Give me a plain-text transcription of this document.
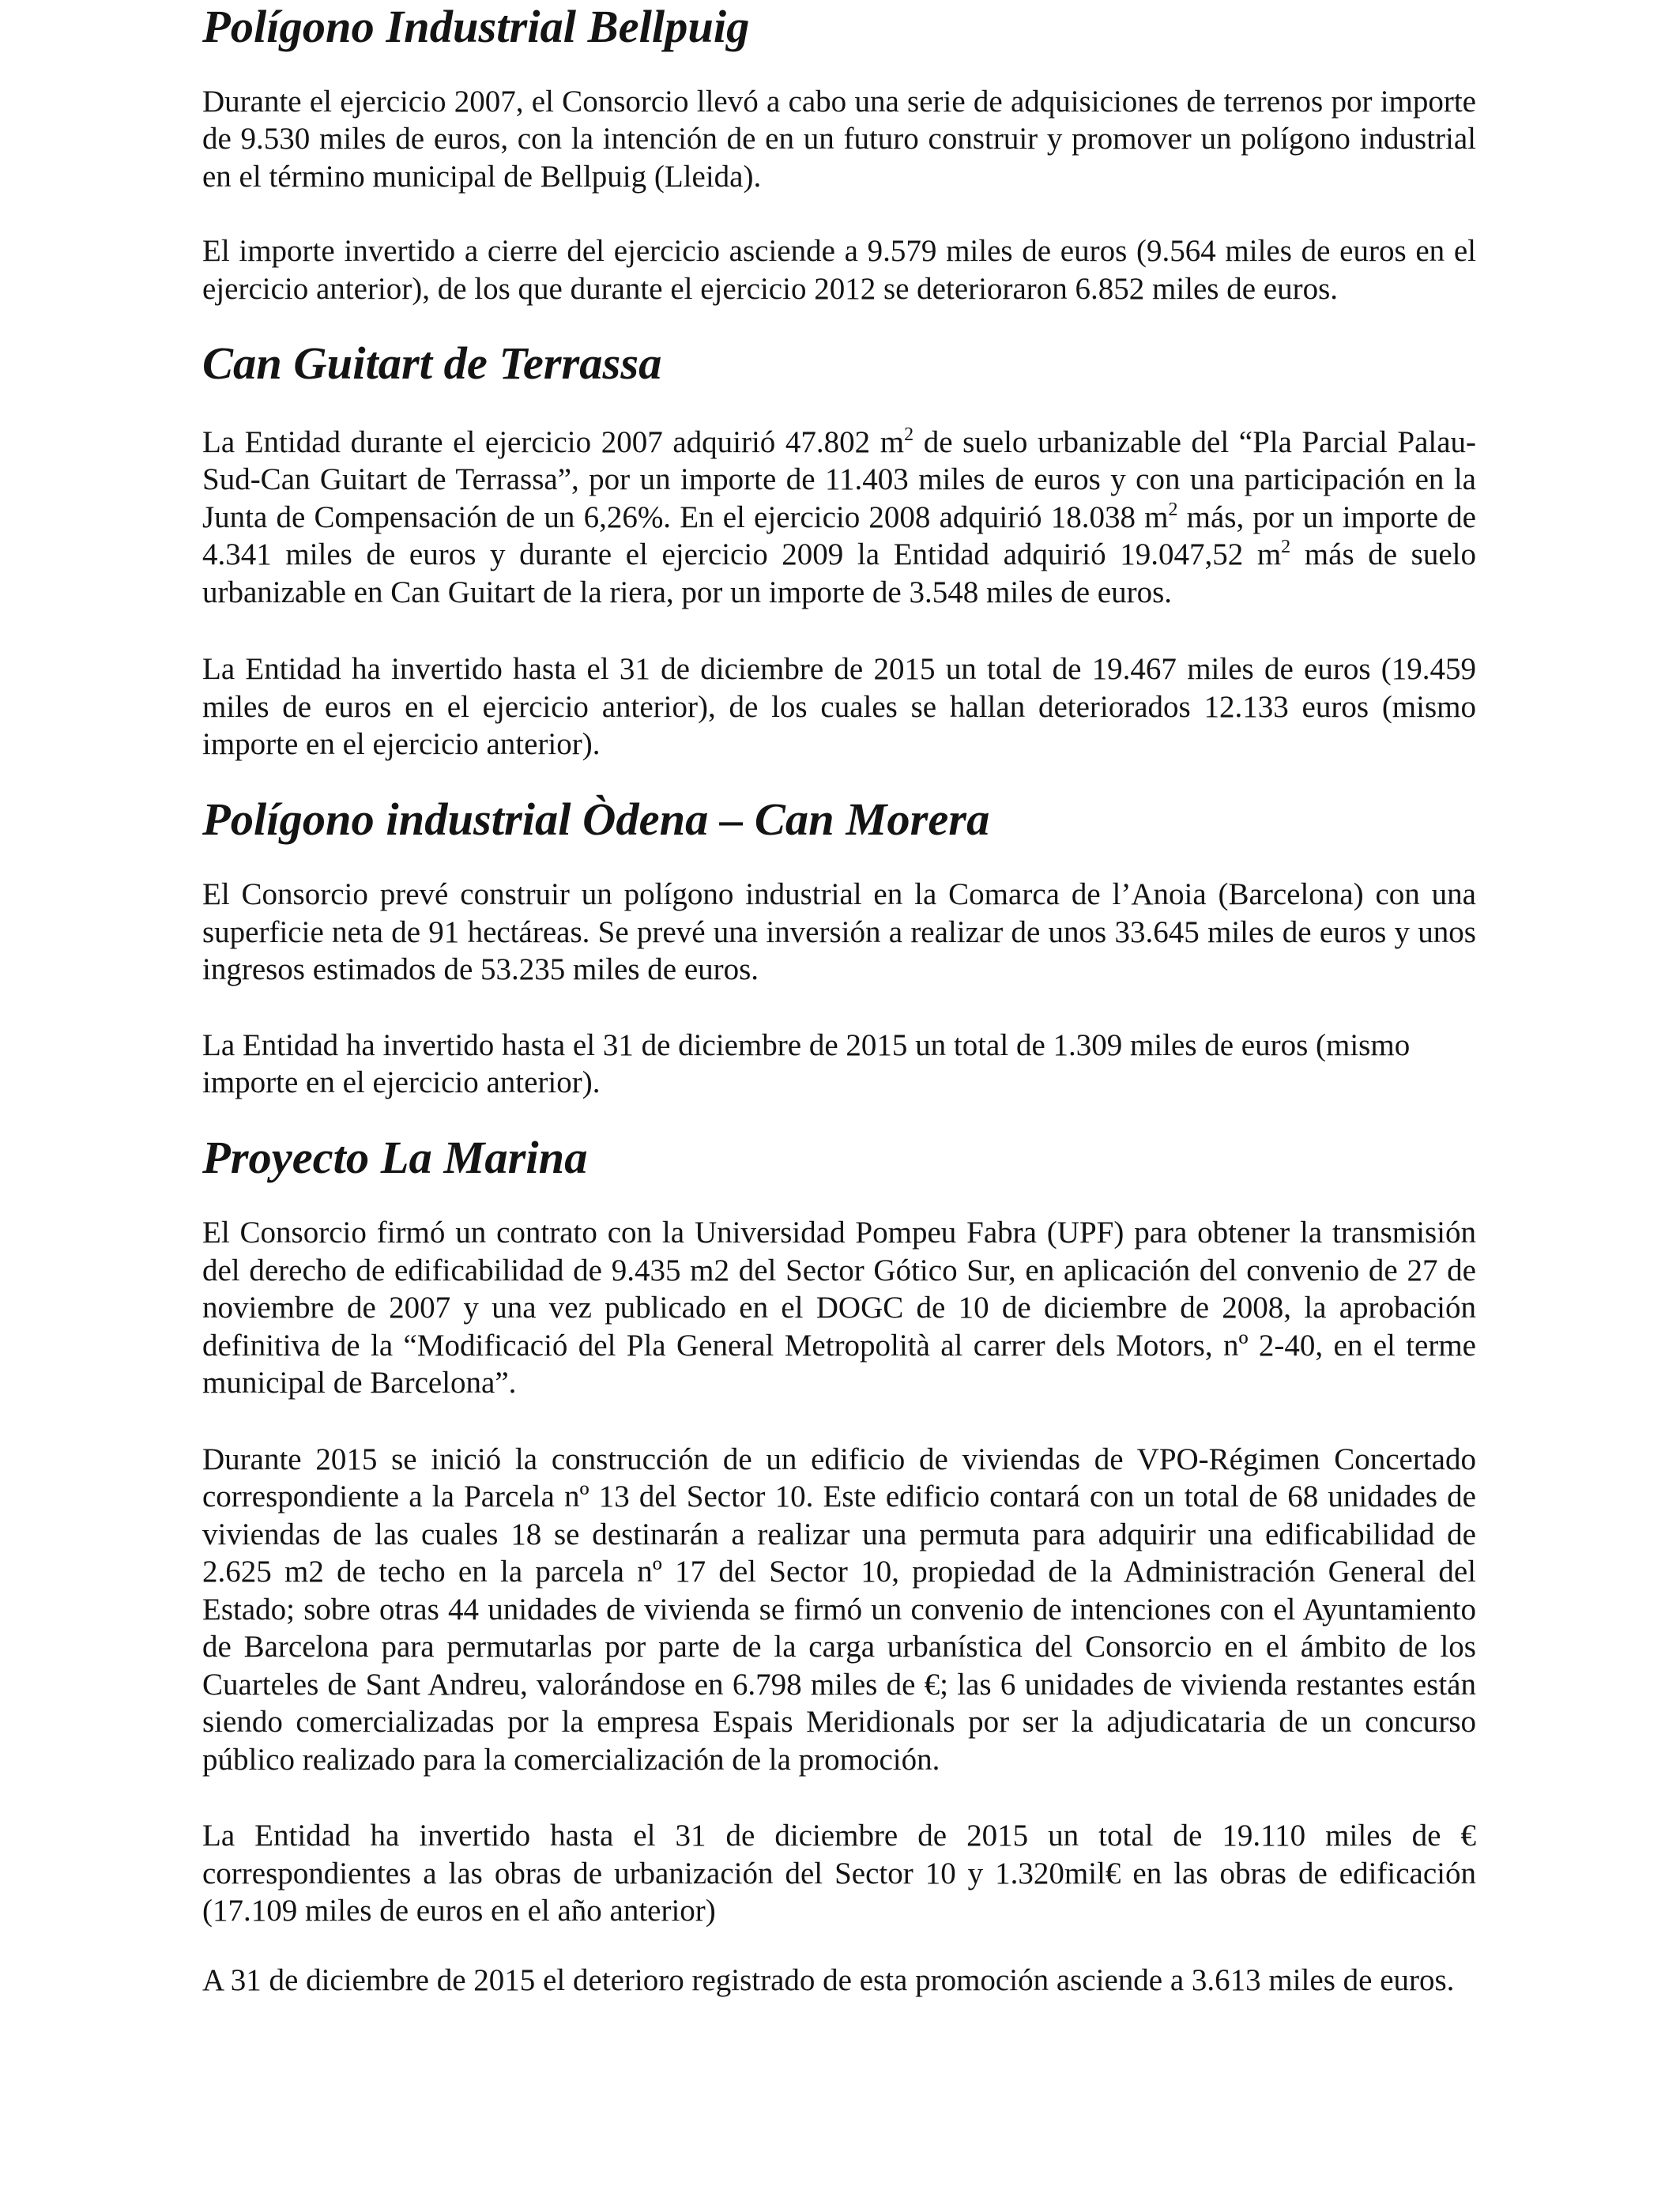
Polígono Industrial Bellpuig

Durante el ejercicio 2007, el Consorcio llevó a cabo una serie de adquisiciones de terrenos por importe de 9.530 miles de euros, con la intención de en un futuro construir y promover un polígono industrial en el término municipal de Bellpuig (Lleida).

El importe invertido a cierre del ejercicio asciende a 9.579 miles de euros (9.564 miles de euros en el ejercicio anterior), de los que durante el ejercicio 2012 se deterioraron 6.852 miles de euros.

Can Guitart de Terrassa

La Entidad durante el ejercicio 2007 adquirió 47.802 $m^2$ de suelo urbanizable del “Pla Parcial Palau-Sud-Can Guitart de Terrassa”, por un importe de 11.403 miles de euros y con una participación en la Junta de Compensación de un 6,26%. En el ejercicio 2008 adquirió 18.038 $m^2$ más, por un importe de 4.341 miles de euros y durante el ejercicio 2009 la Entidad adquirió 19.047,52 $m^2$ más de suelo urbanizable en Can Guitart de la riera, por un importe de 3.548 miles de euros.

La Entidad ha invertido hasta el 31 de diciembre de 2015 un total de 19.467 miles de euros (19.459 miles de euros en el ejercicio anterior), de los cuales se hallan deteriorados 12.133 euros (mismo importe en el ejercicio anterior).

Polígono industrial Òdena – Can Morera

El Consorcio prevé construir un polígono industrial en la Comarca de l’Anoia (Barcelona) con una superficie neta de 91 hectáreas. Se prevé una inversión a realizar de unos 33.645 miles de euros y unos ingresos estimados de 53.235 miles de euros.

La Entidad ha invertido hasta el 31 de diciembre de 2015 un total de 1.309 miles de euros (mismo importe en el ejercicio anterior).

Proyecto La Marina

El Consorcio firmó un contrato con la Universidad Pompeu Fabra (UPF) para obtener la transmisión del derecho de edificabilidad de 9.435 m2 del Sector Gótico Sur, en aplicación del convenio de 27 de noviembre de 2007 y una vez publicado en el DOGC de 10 de diciembre de 2008, la aprobación definitiva de la “Modificació del Pla General Metropolità al carrer dels Motors, nº 2-40, en el terme municipal de Barcelona”.

Durante 2015 se inició la construcción de un edificio de viviendas de VPO-Régimen Concertado correspondiente a la Parcela nº 13 del Sector 10. Este edificio contará con un total de 68 unidades de viviendas de las cuales 18 se destinarán a realizar una permuta para adquirir una edificabilidad de 2.625 m2 de techo en la parcela nº 17 del Sector 10, propiedad de la Administración General del Estado; sobre otras 44 unidades de vivienda se firmó un convenio de intenciones con el Ayuntamiento de Barcelona para permutarlas por parte de la carga urbanística del Consorcio en el ámbito de los Cuarteles de Sant Andreu, valorándose en 6.798 miles de €; las 6 unidades de vivienda restantes están siendo comercializadas por la empresa Espais Meridionals por ser la adjudicataria de un concurso público realizado para la comercialización de la promoción.

La Entidad ha invertido hasta el 31 de diciembre de 2015 un total de 19.110 miles de € correspondientes a las obras de urbanización del Sector 10 y 1.320mil€ en las obras de edificación (17.109 miles de euros en el año anterior)

A 31 de diciembre de 2015 el deterioro registrado de esta promoción asciende a 3.613 miles de euros.
